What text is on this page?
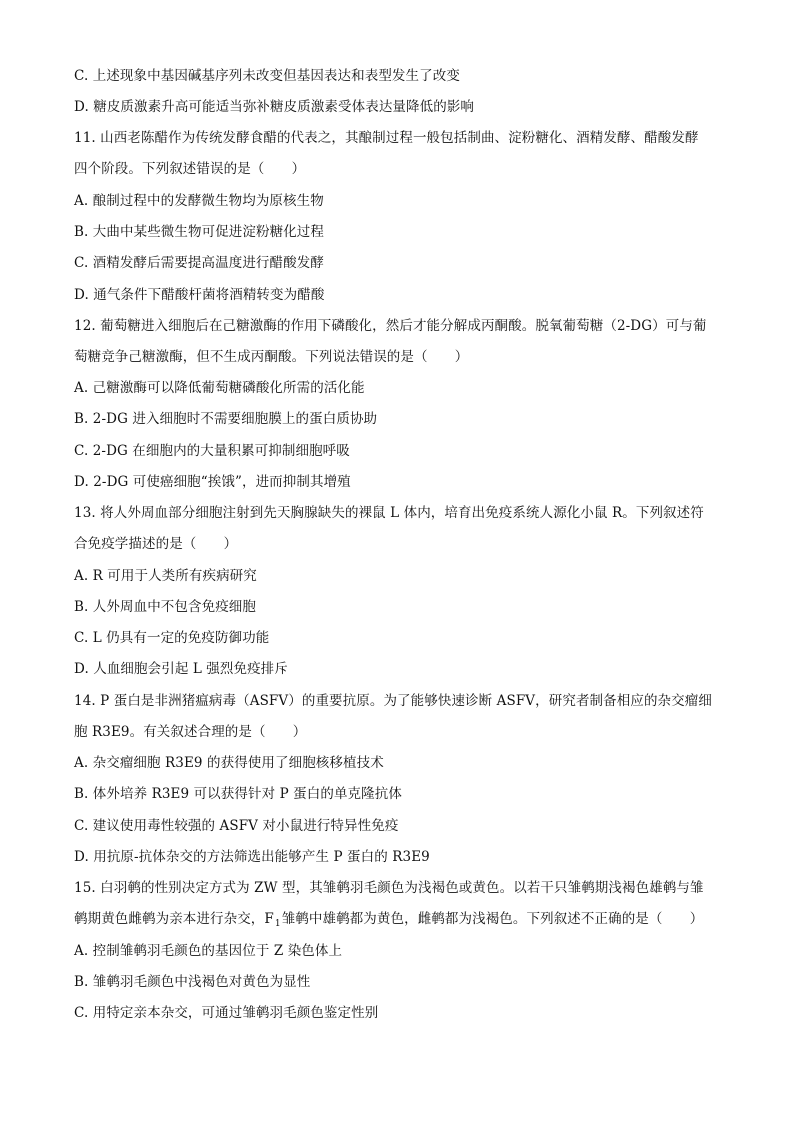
C. 上述现象中基因碱基序列未改变但基因表达和表型发生了改变
D. 糖皮质激素升高可能适当弥补糖皮质激素受体表达量降低的影响
11. 山西老陈醋作为传统发酵食醋的代表之，其酿制过程一般包括制曲、淀粉糖化、酒精发酵、醋酸发酵
四个阶段。下列叙述错误的是（　　）
A. 酿制过程中的发酵微生物均为原核生物
B. 大曲中某些微生物可促进淀粉糖化过程
C. 酒精发酵后需要提高温度进行醋酸发酵
D. 通气条件下醋酸杆菌将酒精转变为醋酸
12. 葡萄糖进入细胞后在己糖激酶的作用下磷酸化，然后才能分解成丙酮酸。脱氧葡萄糖（2-DG）可与葡
萄糖竞争己糖激酶，但不生成丙酮酸。下列说法错误的是（　　）
A. 己糖激酶可以降低葡萄糖磷酸化所需的活化能
B. 2-DG 进入细胞时不需要细胞膜上的蛋白质协助
C. 2-DG 在细胞内的大量积累可抑制细胞呼吸
D. 2-DG 可使癌细胞“挨饿”，进而抑制其增殖
13. 将人外周血部分细胞注射到先天胸腺缺失的裸鼠 L 体内，培育出免疫系统人源化小鼠 R。下列叙述符
合免疫学描述的是（　　）
A. R 可用于人类所有疾病研究
B. 人外周血中不包含免疫细胞
C. L 仍具有一定的免疫防御功能
D. 人血细胞会引起 L 强烈免疫排斥
14. P 蛋白是非洲猪瘟病毒（ASFV）的重要抗原。为了能够快速诊断 ASFV，研究者制备相应的杂交瘤细
胞 R3E9。有关叙述合理的是（　　）
A. 杂交瘤细胞 R3E9 的获得使用了细胞核移植技术
B. 体外培养 R3E9 可以获得针对 P 蛋白的单克隆抗体
C. 建议使用毒性较强的 ASFV 对小鼠进行特异性免疫
D. 用抗原-抗体杂交的方法筛选出能够产生 P 蛋白的 R3E9
15. 白羽鹌的性别决定方式为 ZW 型，其雏鹌羽毛颜色为浅褐色或黄色。以若干只雏鹌期浅褐色雄鹌与雏
鹌期黄色雌鹌为亲本进行杂交，$F_1$雏鹌中雄鹌都为黄色，雌鹌都为浅褐色。下列叙述不正确的是（　　）
A. 控制雏鹌羽毛颜色的基因位于 Z 染色体上
B. 雏鹌羽毛颜色中浅褐色对黄色为显性
C. 用特定亲本杂交，可通过雏鹌羽毛颜色鉴定性别
